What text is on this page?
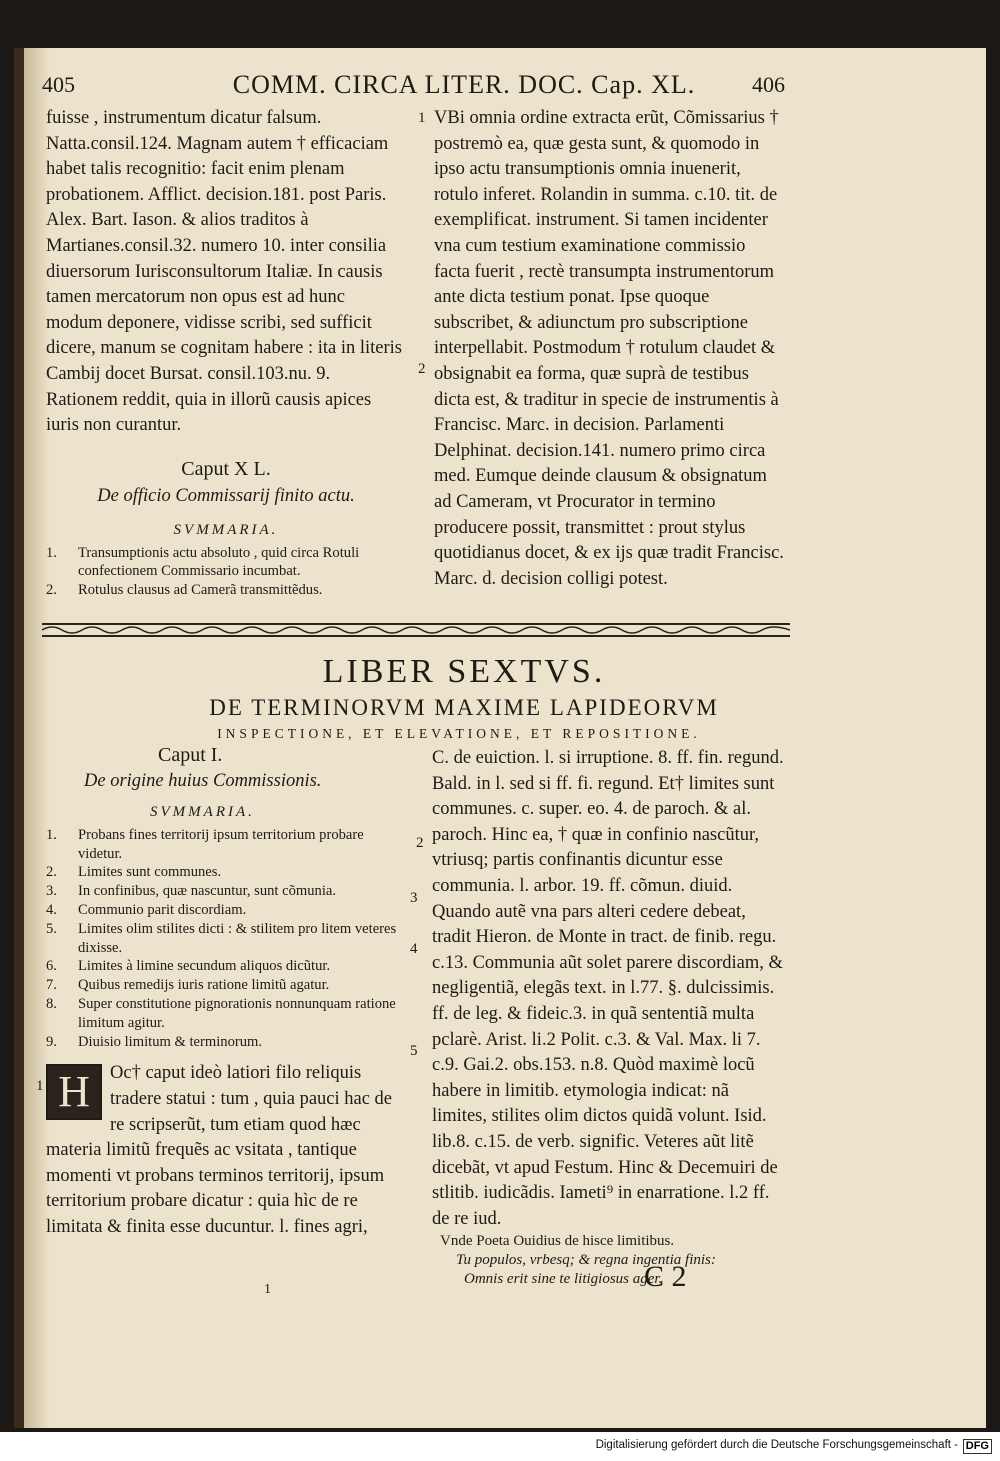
405	COMM. CIRCA LITER. DOC. Cap. XL.	406

fuisse , instrumentum dicatur falsum. Natta.consil.124. Magnam autem † efficaciam habet talis recognitio: facit enim plenam probationem. Afflict. decision.181. post Paris. Alex. Bart. Iason. & alios traditos à Martianes.consil.32. numero 10. inter consilia diuersorum Iurisconsultorum Italiæ. In causis tamen mercatorum non opus est ad hunc modum deponere, vidisse scribi, sed sufficit dicere, manum se cognitam habere : ita in literis Cambij docet Bursat. consil.103.nu. 9. Rationem reddit, quia in illorũ causis apices iuris non curantur.

Caput X L.

De officio Commissarij finito actu.

SVMMARIA.

1. Transumptionis actu absoluto , quid circa Rotuli confectionem Commissario incumbat.
2. Rotulus clausus ad Camerã transmittẽdus.
1
2

VBi omnia ordine extracta erũt, Cõmissarius † postremò ea, quæ gesta sunt, & quomodo in ipso actu transumptionis omnia inuenerit, rotulo inferet. Rolandin in summa. c.10. tit. de exemplificat. instrument. Si tamen incidenter vna cum testium examinatione commissio facta fuerit , rectè transumpta instrumentorum ante dicta testium ponat. Ipse quoque subscribet, & adiunctum pro subscriptione interpellabit. Postmodum † rotulum claudet & obsignabit ea forma, quæ suprà de testibus dicta est, & traditur in specie de instrumentis à Francisc. Marc. in decision. Parlamenti Delphinat. decision.141. numero primo circa med. Eumque deinde clausum & obsignatum ad Cameram, vt Procurator in termino producere possit, transmittet : prout stylus quotidianus docet, & ex ijs quæ tradit Francisc. Marc. d. decision colligi potest.

LIBER SEXTVS.
DE TERMINORVM MAXIME LAPIDEORVM
INSPECTIONE, ET ELEVATIONE, ET REPOSITIONE.

Caput I.

De origine huius Commissionis.

SVMMARIA.

1. Probans fines territorij ipsum territorium probare videtur.
2. Limites sunt communes.
3. In confinibus, quæ nascuntur, sunt cõmunia.
4. Communio parit discordiam.
5. Limites olim stilites dicti : & stilitem pro litem veteres dixisse.
6. Limites à limine secundum aliquos dicũtur.
7. Quibus remedijs iuris ratione limitũ agatur.
8. Super constitutione pignorationis nonnunquam ratione limitum agitur.
9. Diuisio limitum & terminorum.
H	Oc† caput ideò latiori filo reliquis tradere statui : tum , quia pauci hac de re scripserũt, tum etiam quod hæc materia limitũ frequẽs ac vsitata , tantique momenti vt probans terminos territorij, ipsum territorium probare dicatur : quia hìc de re limitata & finita esse ducuntur. l. fines agri,
1
2
3
4
5

C. de euiction. l. si irruptione. 8. ff. fin. regund. Bald. in l. sed si ff. fi. regund. Et† limites sunt communes. c. super. eo. 4. de paroch. & al. paroch. Hinc ea, † quæ in confinio nascũtur, vtriusq; partis confinantis dicuntur esse communia. l. arbor. 19. ff. cõmun. diuid. Quando autẽ vna pars alteri cedere debeat, tradit Hieron. de Monte in tract. de finib. regu. c.13. Communia aũt solet parere discordiam, & negligentiã, elegãs text. in l.77. §. dulcissimis. ff. de leg. & fideic.3. in quã sententiã multa pclarè. Arist. li.2 Polit. c.3. & Val. Max. li 7. c.9. Gai.2. obs.153. n.8. Quòd maximè locũ habere in limitib. etymologia indicat: nã limites, stilites olim dictos quidã volunt. Isid. lib.8. c.15. de verb. signific. Veteres aũt litẽ dicebãt, vt apud Festum. Hinc & Decemuiri de stlitib. iudicãdis. Iameti⁹ in enarratione. l.2 ff. de re iud.

Vnde Poeta Ouidius de hisce limitibus.

Tu populos, vrbesq; & regna ingentia finis:

Omnis erit sine te litigiosus ager.

C 2
1
Digitalisierung gefördert durch die Deutsche Forschungsgemeinschaft - DFG
